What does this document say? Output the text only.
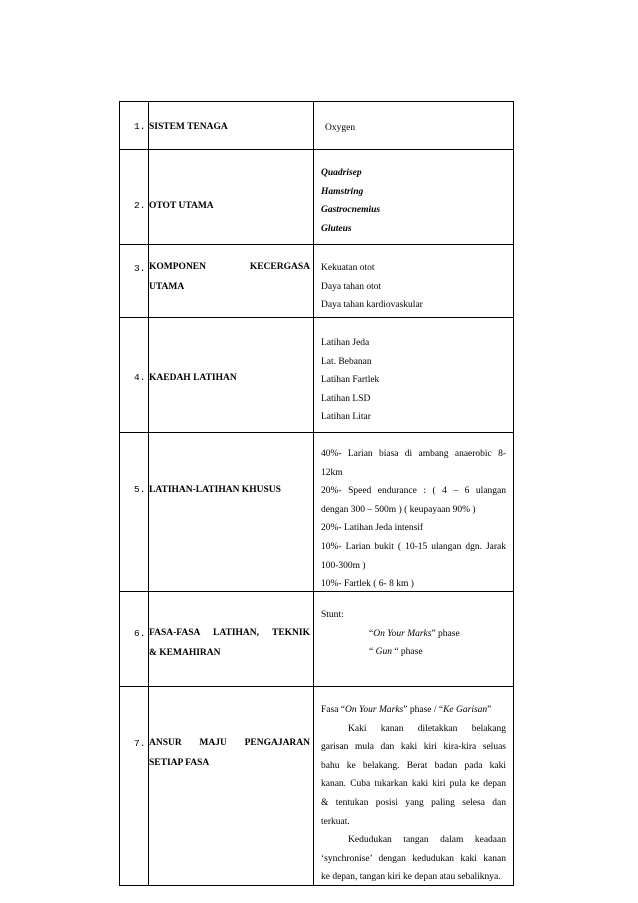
1. SISTEM TENAGA	Oxygen
2. OTOT UTAMA
Quadrisep
Hamstring
Gastrocnemius
Gluteus
3. KOMPONEN	KECERGASA
UTAMA
Kekuatan otot
Daya tahan otot
Daya tahan kardiovaskular
4. KAEDAH LATIHAN
Latihan Jeda
Lat. Bebanan
Latihan Fartlek
Latihan LSD
Latihan Litar
5. LATIHAN-LATIHAN KHUSUS
40%- Larian biasa di ambang anaerobic 8-
12km
20%- Speed endurance : ( 4 – 6 ulangan
dengan 300 – 500m ) ( keupayaan 90% )
20%- Latihan Jeda intensif
10%- Larian bukit ( 10-15 ulangan dgn. Jarak
100-300m )
10%- Fartlek ( 6- 8 km )
6. FASA-FASA LATIHAN, TEKNIK
& KEMAHIRAN
Stunt:
“On Your Marks” phase
“ Gun “ phase
7. ANSUR MAJU PENGAJARAN
SETIAP FASA
Fasa “On Your Marks” phase / “Ke Garisan”
Kaki kanan diletakkan belakang
garisan mula dan kaki kiri kira-kira seluas
bahu ke belakang. Berat badan pada kaki
kanan. Cuba tukarkan kaki kiri pula ke depan
& tentukan posisi yang paling selesa dan
terkuat.
Kedudukan tangan dalam keadaan
‘synchronise’ dengan kedudukan kaki kanan
ke depan, tangan kiri ke depan atau sebaliknya.
